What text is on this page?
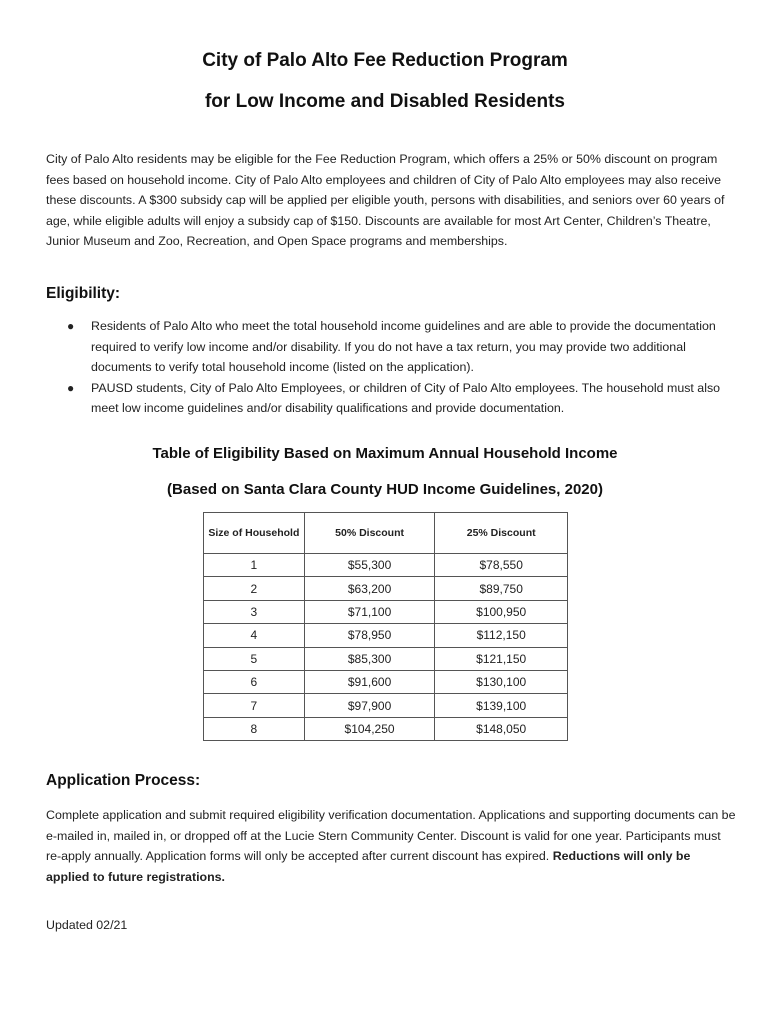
City of Palo Alto Fee Reduction Program
for Low Income and Disabled Residents
City of Palo Alto residents may be eligible for the Fee Reduction Program, which offers a 25% or 50% discount on program fees based on household income. City of Palo Alto employees and children of City of Palo Alto employees may also receive these discounts. A $300 subsidy cap will be applied per eligible youth, persons with disabilities, and seniors over 60 years of age, while eligible adults will enjoy a subsidy cap of $150. Discounts are available for most Art Center, Children’s Theatre, Junior Museum and Zoo, Recreation, and Open Space programs and memberships.
Eligibility:
● Residents of Palo Alto who meet the total household income guidelines and are able to provide the documentation required to verify low income and/or disability. If you do not have a tax return, you may provide two additional documents to verify total household income (listed on the application).
● PAUSD students, City of Palo Alto Employees, or children of City of Palo Alto employees. The household must also meet low income guidelines and/or disability qualifications and provide documentation.
Table of Eligibility Based on Maximum Annual Household Income
(Based on Santa Clara County HUD Income Guidelines, 2020)
Size of Household	50% Discount	25% Discount
1	$55,300	$78,550
2	$63,200	$89,750
3	$71,100	$100,950
4	$78,950	$112,150
5	$85,300	$121,150
6	$91,600	$130,100
7	$97,900	$139,100
8	$104,250	$148,050
Application Process:
Complete application and submit required eligibility verification documentation. Applications and supporting documents can be e-mailed in, mailed in, or dropped off at the Lucie Stern Community Center. Discount is valid for one year. Participants must re-apply annually. Application forms will only be accepted after current discount has expired. Reductions will only be applied to future registrations.
Updated 02/21
